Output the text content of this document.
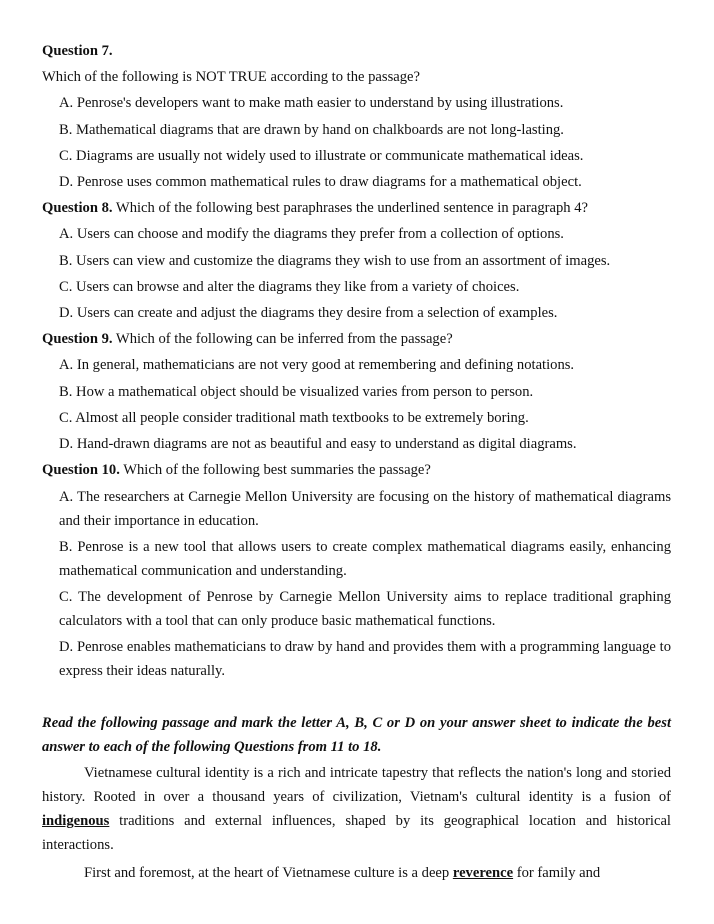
Question 7.
Which of the following is NOT TRUE according to the passage?
A. Penrose's developers want to make math easier to understand by using illustrations.
B. Mathematical diagrams that are drawn by hand on chalkboards are not long-lasting.
C. Diagrams are usually not widely used to illustrate or communicate mathematical ideas.
D. Penrose uses common mathematical rules to draw diagrams for a mathematical object.
Question 8. Which of the following best paraphrases the underlined sentence in paragraph 4?
A. Users can choose and modify the diagrams they prefer from a collection of options.
B. Users can view and customize the diagrams they wish to use from an assortment of images.
C. Users can browse and alter the diagrams they like from a variety of choices.
D. Users can create and adjust the diagrams they desire from a selection of examples.
Question 9. Which of the following can be inferred from the passage?
A. In general, mathematicians are not very good at remembering and defining notations.
B. How a mathematical object should be visualized varies from person to person.
C. Almost all people consider traditional math textbooks to be extremely boring.
D. Hand-drawn diagrams are not as beautiful and easy to understand as digital diagrams.
Question 10. Which of the following best summaries the passage?
A. The researchers at Carnegie Mellon University are focusing on the history of mathematical diagrams and their importance in education.
B. Penrose is a new tool that allows users to create complex mathematical diagrams easily, enhancing mathematical communication and understanding.
C. The development of Penrose by Carnegie Mellon University aims to replace traditional graphing calculators with a tool that can only produce basic mathematical functions.
D. Penrose enables mathematicians to draw by hand and provides them with a programming language to express their ideas naturally.
Read the following passage and mark the letter A, B, C or D on your answer sheet to indicate the best answer to each of the following Questions from 11 to 18.
Vietnamese cultural identity is a rich and intricate tapestry that reflects the nation's long and storied history. Rooted in over a thousand years of civilization, Vietnam's cultural identity is a fusion of indigenous traditions and external influences, shaped by its geographical location and historical interactions.
First and foremost, at the heart of Vietnamese culture is a deep reverence for family and
